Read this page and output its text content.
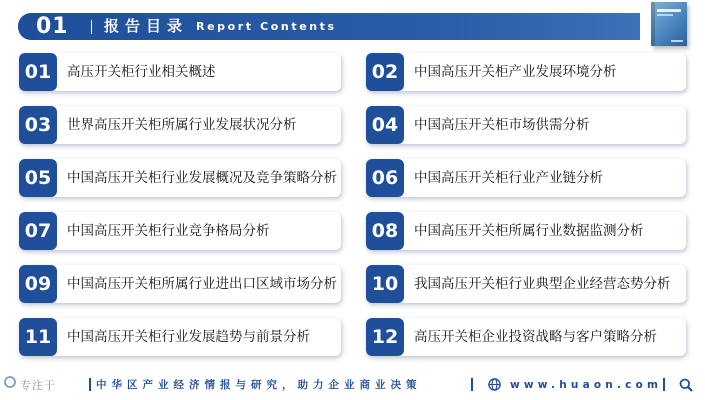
01 报告目录 Report Contents
01	高压开关柜行业相关概述	02	中国高压开关柜产业发展环境分析
03	世界高压开关柜所属行业发展状况分析	04	中国高压开关柜市场供需分析
05	中国高压开关柜行业发展概况及竞争策略分析	06	中国高压开关柜行业产业链分析
07	中国高压开关柜行业竞争格局分析	08	中国高压开关柜所属行业数据监测分析
09	中国高压开关柜所属行业进出口区域市场分析	10	我国高压开关柜行业典型企业经营态势分析
11	中国高压开关柜行业发展趋势与前景分析	12	高压开关柜企业投资战略与客户策略分析
专注于	中华区产业经济情报与研究，助力企业商业决策	www.huaon.com
